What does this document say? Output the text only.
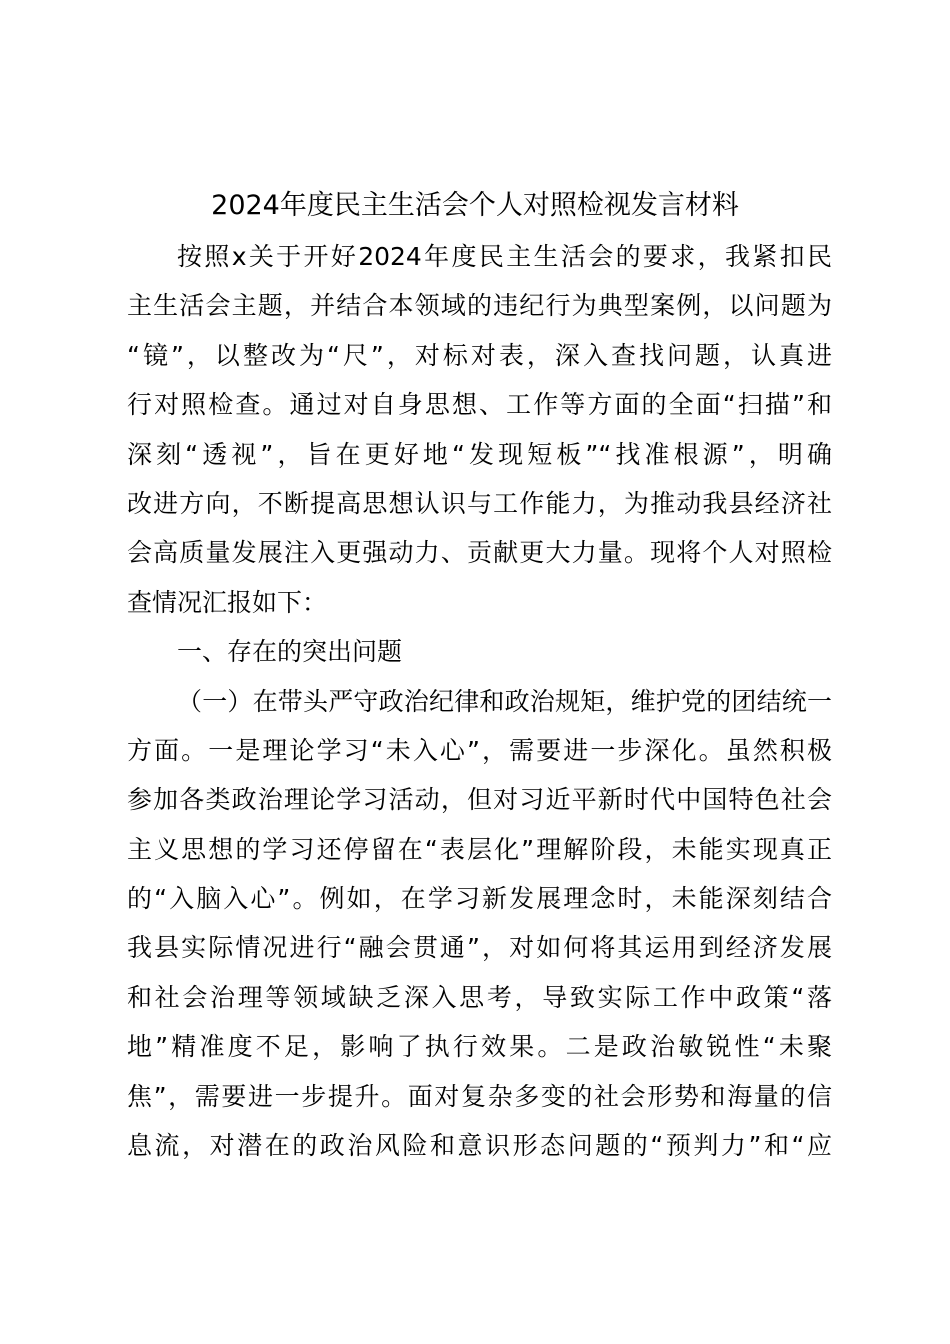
2024年度民主生活会个人对照检视发言材料
按照x关于开好2024年度民主生活会的要求，我紧扣民
主生活会主题，并结合本领域的违纪行为典型案例，以问题为
“镜”，以整改为“尺”，对标对表，深入查找问题，认真进
行对照检查。通过对自身思想、工作等方面的全面“扫描”和
深刻“透视”，旨在更好地“发现短板”“找准根源”，明确
改进方向，不断提高思想认识与工作能力，为推动我县经济社
会高质量发展注入更强动力、贡献更大力量。现将个人对照检
查情况汇报如下：
一、存在的突出问题
（一）在带头严守政治纪律和政治规矩，维护党的团结统一
方面。一是理论学习“未入心”，需要进一步深化。虽然积极
参加各类政治理论学习活动，但对习近平新时代中国特色社会
主义思想的学习还停留在“表层化”理解阶段，未能实现真正
的“入脑入心”。例如，在学习新发展理念时，未能深刻结合
我县实际情况进行“融会贯通”，对如何将其运用到经济发展
和社会治理等领域缺乏深入思考，导致实际工作中政策“落
地”精准度不足，影响了执行效果。二是政治敏锐性“未聚
焦”，需要进一步提升。面对复杂多变的社会形势和海量的信
息流，对潜在的政治风险和意识形态问题的“预判力”和“应
